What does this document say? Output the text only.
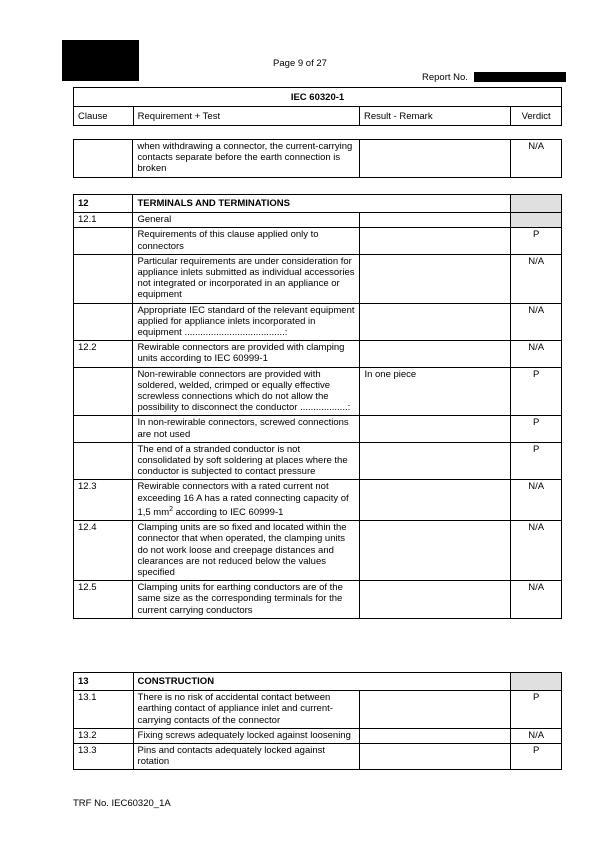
Page 9 of 27
Report No.
IEC 60320-1
Clause	Requirement + Test	Result - Remark	Verdict
	when withdrawing a connector, the current-carrying contacts separate before the earth connection is broken		N/A
12	TERMINALS AND TERMINATIONS		
12.1	General		
	Requirements of this clause applied only to connectors		P
	Particular requirements are under consideration for appliance inlets submitted as individual accessories not integrated or incorporated in an appliance or equipment		N/A
	Appropriate IEC standard of the relevant equipment applied for appliance inlets incorporated in equipment ......................................:		N/A
12.2	Rewirable connectors are provided with clamping units according to IEC 60999-1		N/A
	Non-rewirable connectors are provided with soldered, welded, crimped or equally effective screwless connections which do not allow the possibility to disconnect the conductor ..................:	In one piece	P
	In non-rewirable connectors, screwed connections are not used		P
	The end of a stranded conductor is not consolidated by soft soldering at places where the conductor is subjected to contact pressure		P
12.3	Rewirable connectors with a rated current not exceeding 16 A has a rated connecting capacity of 1,5 $mm^2$ according to IEC 60999-1		N/A
12.4	Clamping units are so fixed and located within the connector that when operated, the clamping units do not work loose and creepage distances and clearances are not reduced below the values specified		N/A
12.5	Clamping units for earthing conductors are of the same size as the corresponding terminals for the current carrying conductors		N/A
13	CONSTRUCTION		
13.1	There is no risk of accidental contact between earthing contact of appliance inlet and current-carrying contacts of the connector		P
13.2	Fixing screws adequately locked against loosening		N/A
13.3	Pins and contacts adequately locked against rotation		P
TRF No. IEC60320_1A
